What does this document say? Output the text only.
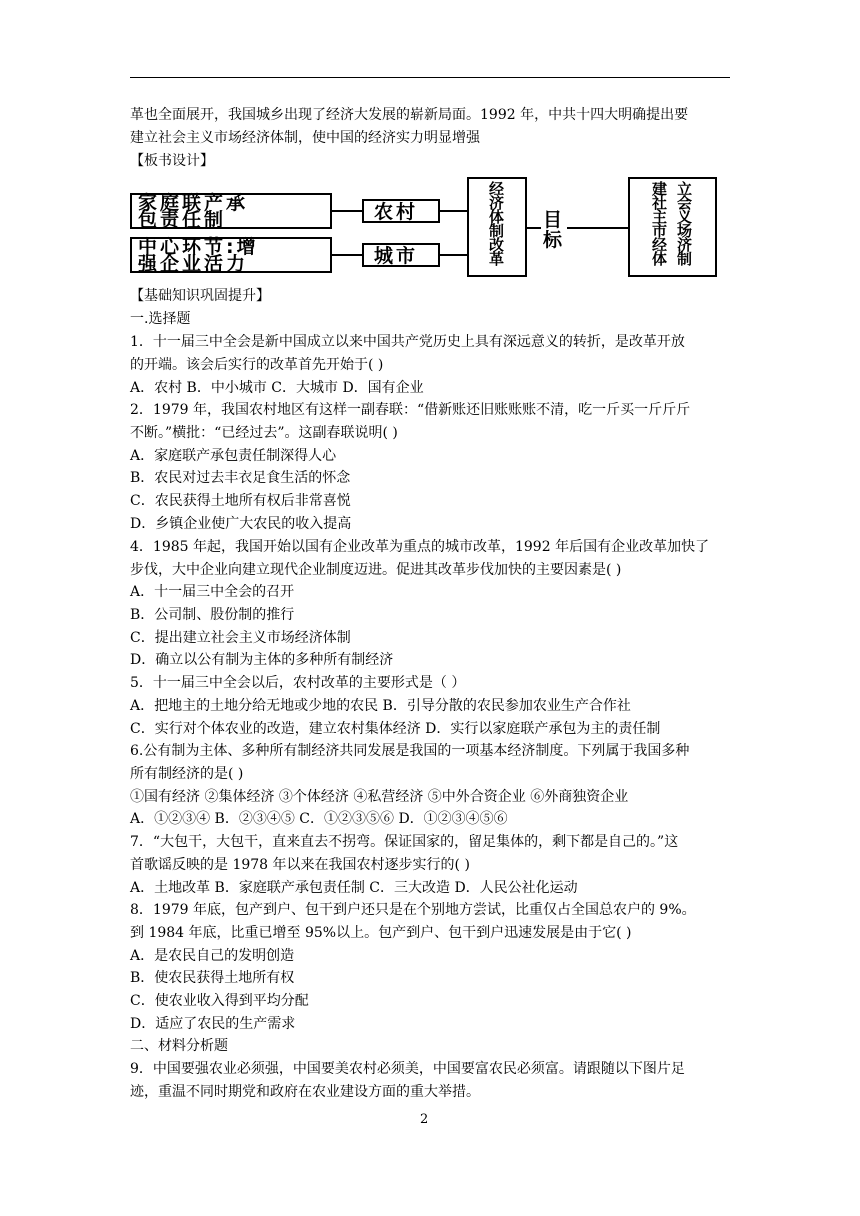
革也全面展开，我国城乡出现了经济大发展的崭新局面。1992 年，中共十四大明确提出要
建立社会主义市场经济体制，使中国的经济实力明显增强
【板书设计】
家庭联产承
包责任制
中心环节:增
强企业活力
农村
城市	经济体制改革 目标	立会义场济制
建社主市经体
【基础知识巩固提升】
一.选择题
1．十一届三中全会是新中国成立以来中国共产党历史上具有深远意义的转折，是改革开放
的开端。该会后实行的改革首先开始于( )
A．农村 B．中小城市 C．大城市 D．国有企业
2．1979 年，我国农村地区有这样一副春联：“借新账还旧账账账不清，吃一斤买一斤斤斤
不断。”横批：“已经过去”。这副春联说明( )
A．家庭联产承包责任制深得人心
B．农民对过去丰衣足食生活的怀念
C．农民获得土地所有权后非常喜悦
D．乡镇企业使广大农民的收入提高
4．1985 年起，我国开始以国有企业改革为重点的城市改革，1992 年后国有企业改革加快了
步伐，大中企业向建立现代企业制度迈进。促进其改革步伐加快的主要因素是( )
A．十一届三中全会的召开
B．公司制、股份制的推行
C．提出建立社会主义市场经济体制
D．确立以公有制为主体的多种所有制经济
5．十一届三中全会以后，农村改革的主要形式是（ ）
A．把地主的土地分给无地或少地的农民 B．引导分散的农民参加农业生产合作社
C．实行对个体农业的改造，建立农村集体经济 D．实行以家庭联产承包为主的责任制
6.公有制为主体、多种所有制经济共同发展是我国的一项基本经济制度。下列属于我国多种
所有制经济的是( )
①国有经济 ②集体经济 ③个体经济 ④私营经济 ⑤中外合资企业 ⑥外商独资企业
A．①②③④ B．②③④⑤ C．①②③⑤⑥ D．①②③④⑤⑥
7．“大包干，大包干，直来直去不拐弯。保证国家的，留足集体的，剩下都是自己的。”这
首歌谣反映的是 1978 年以来在我国农村逐步实行的( )
A．土地改革 B．家庭联产承包责任制 C．三大改造 D．人民公社化运动
8．1979 年底，包产到户、包干到户还只是在个别地方尝试，比重仅占全国总农户的 9%。
到 1984 年底，比重已增至 95%以上。包产到户、包干到户迅速发展是由于它( )
A．是农民自己的发明创造
B．使农民获得土地所有权
C．使农业收入得到平均分配
D．适应了农民的生产需求
二、材料分析题
9．中国要强农业必须强，中国要美农村必须美，中国要富农民必须富。请跟随以下图片足
迹，重温不同时期党和政府在农业建设方面的重大举措。
2
